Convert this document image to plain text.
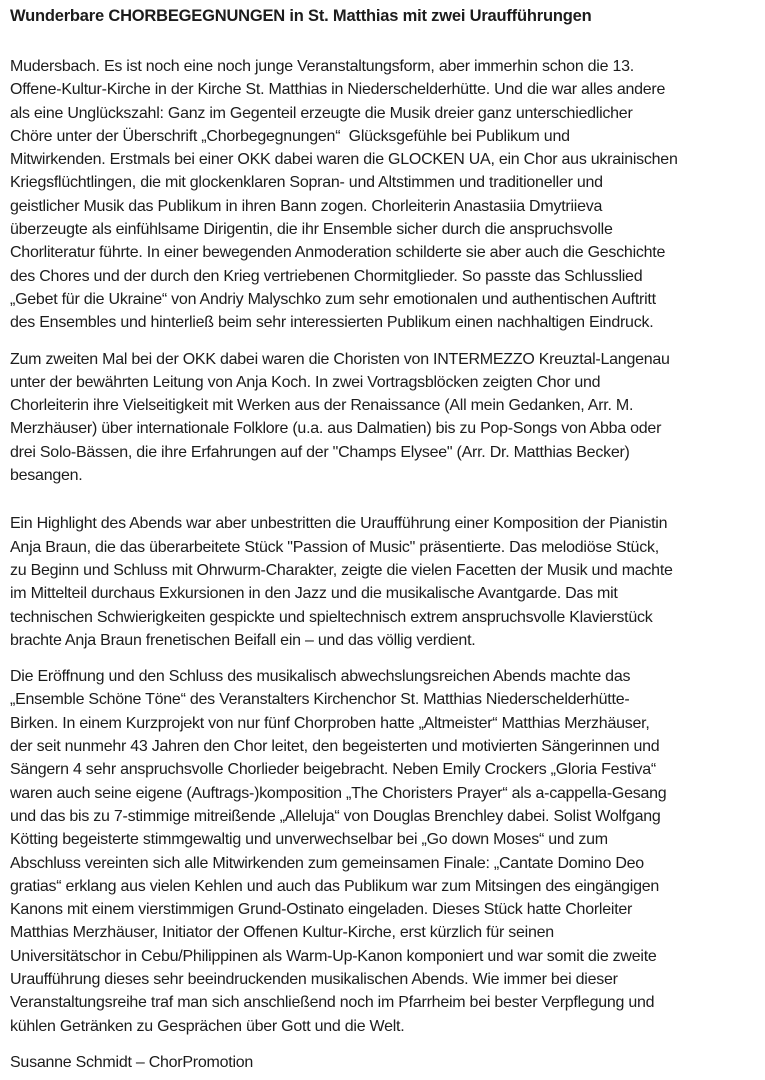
Wunderbare CHORBEGEGNUNGEN in St. Matthias mit zwei Uraufführungen
Mudersbach. Es ist noch eine noch junge Veranstaltungsform, aber immerhin schon die 13.
Offene-Kultur-Kirche in der Kirche St. Matthias in Niederschelderhütte. Und die war alles andere
als eine Unglückszahl: Ganz im Gegenteil erzeugte die Musik dreier ganz unterschiedlicher
Chöre unter der Überschrift „Chorbegegnungen“  Glücksgefühle bei Publikum und
Mitwirkenden. Erstmals bei einer OKK dabei waren die GLOCKEN UA, ein Chor aus ukrainischen
Kriegsflüchtlingen, die mit glockenklaren Sopran- und Altstimmen und traditioneller und
geistlicher Musik das Publikum in ihren Bann zogen. Chorleiterin Anastasiia Dmytriieva
überzeugte als einfühlsame Dirigentin, die ihr Ensemble sicher durch die anspruchsvolle
Chorliteratur führte. In einer bewegenden Anmoderation schilderte sie aber auch die Geschichte
des Chores und der durch den Krieg vertriebenen Chormitglieder. So passte das Schlusslied
„Gebet für die Ukraine“ von Andriy Malyschko zum sehr emotionalen und authentischen Auftritt
des Ensembles und hinterließ beim sehr interessierten Publikum einen nachhaltigen Eindruck.
Zum zweiten Mal bei der OKK dabei waren die Choristen von INTERMEZZO Kreuztal-Langenau
unter der bewährten Leitung von Anja Koch. In zwei Vortragsblöcken zeigten Chor und
Chorleiterin ihre Vielseitigkeit mit Werken aus der Renaissance (All mein Gedanken, Arr. M.
Merzhäuser) über internationale Folklore (u.a. aus Dalmatien) bis zu Pop-Songs von Abba oder
drei Solo-Bässen, die ihre Erfahrungen auf der "Champs Elysee" (Arr. Dr. Matthias Becker)
besangen.
Ein Highlight des Abends war aber unbestritten die Uraufführung einer Komposition der Pianistin
Anja Braun, die das überarbeitete Stück "Passion of Music" präsentierte. Das melodiöse Stück,
zu Beginn und Schluss mit Ohrwurm-Charakter, zeigte die vielen Facetten der Musik und machte
im Mittelteil durchaus Exkursionen in den Jazz und die musikalische Avantgarde. Das mit
technischen Schwierigkeiten gespickte und spieltechnisch extrem anspruchsvolle Klavierstück
brachte Anja Braun frenetischen Beifall ein – und das völlig verdient.
Die Eröffnung und den Schluss des musikalisch abwechslungsreichen Abends machte das
„Ensemble Schöne Töne“ des Veranstalters Kirchenchor St. Matthias Niederschelderhütte-
Birken. In einem Kurzprojekt von nur fünf Chorproben hatte „Altmeister“ Matthias Merzhäuser,
der seit nunmehr 43 Jahren den Chor leitet, den begeisterten und motivierten Sängerinnen und
Sängern 4 sehr anspruchsvolle Chorlieder beigebracht. Neben Emily Crockers „Gloria Festiva“
waren auch seine eigene (Auftrags-)komposition „The Choristers Prayer“ als a-cappella-Gesang
und das bis zu 7-stimmige mitreißende „Alleluja“ von Douglas Brenchley dabei. Solist Wolfgang
Kötting begeisterte stimmgewaltig und unverwechselbar bei „Go down Moses“ und zum
Abschluss vereinten sich alle Mitwirkenden zum gemeinsamen Finale: „Cantate Domino Deo
gratias“ erklang aus vielen Kehlen und auch das Publikum war zum Mitsingen des eingängigen
Kanons mit einem vierstimmigen Grund-Ostinato eingeladen. Dieses Stück hatte Chorleiter
Matthias Merzhäuser, Initiator der Offenen Kultur-Kirche, erst kürzlich für seinen
Universitätschor in Cebu/Philippinen als Warm-Up-Kanon komponiert und war somit die zweite
Uraufführung dieses sehr beeindruckenden musikalischen Abends. Wie immer bei dieser
Veranstaltungsreihe traf man sich anschließend noch im Pfarrheim bei bester Verpflegung und
kühlen Getränken zu Gesprächen über Gott und die Welt.

Susanne Schmidt – ChorPromotion
